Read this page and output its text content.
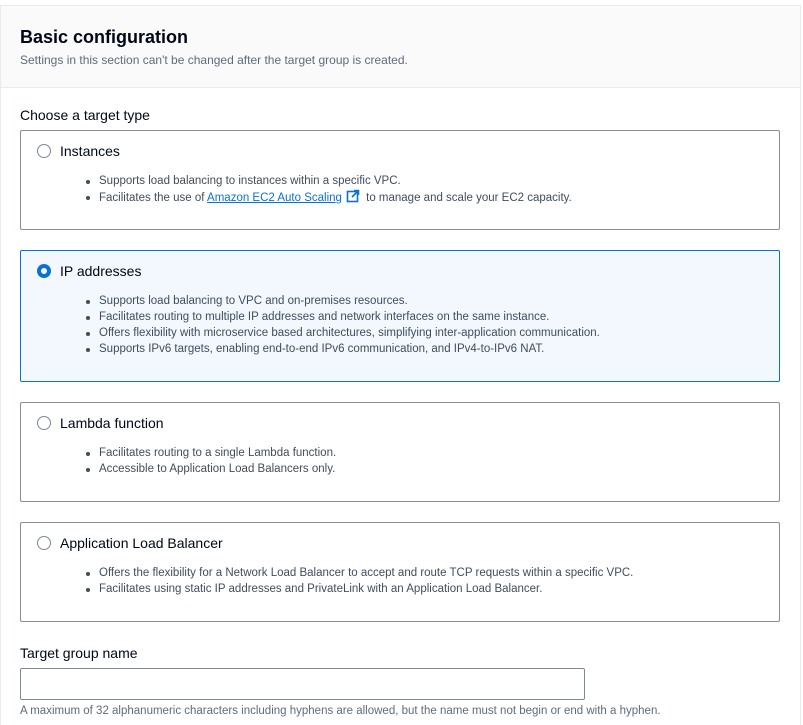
Basic configuration
Settings in this section can't be changed after the target group is created.
Choose a target type
Instances
Supports load balancing to instances within a specific VPC.
Facilitates the use of Amazon EC2 Auto Scaling to manage and scale your EC2 capacity.
IP addresses
Supports load balancing to VPC and on-premises resources.
Facilitates routing to multiple IP addresses and network interfaces on the same instance.
Offers flexibility with microservice based architectures, simplifying inter-application communication.
Supports IPv6 targets, enabling end-to-end IPv6 communication, and IPv4-to-IPv6 NAT.
Lambda function
Facilitates routing to a single Lambda function.
Accessible to Application Load Balancers only.
Application Load Balancer
Offers the flexibility for a Network Load Balancer to accept and route TCP requests within a specific VPC.
Facilitates using static IP addresses and PrivateLink with an Application Load Balancer.
Target group name
A maximum of 32 alphanumeric characters including hyphens are allowed, but the name must not begin or end with a hyphen.
